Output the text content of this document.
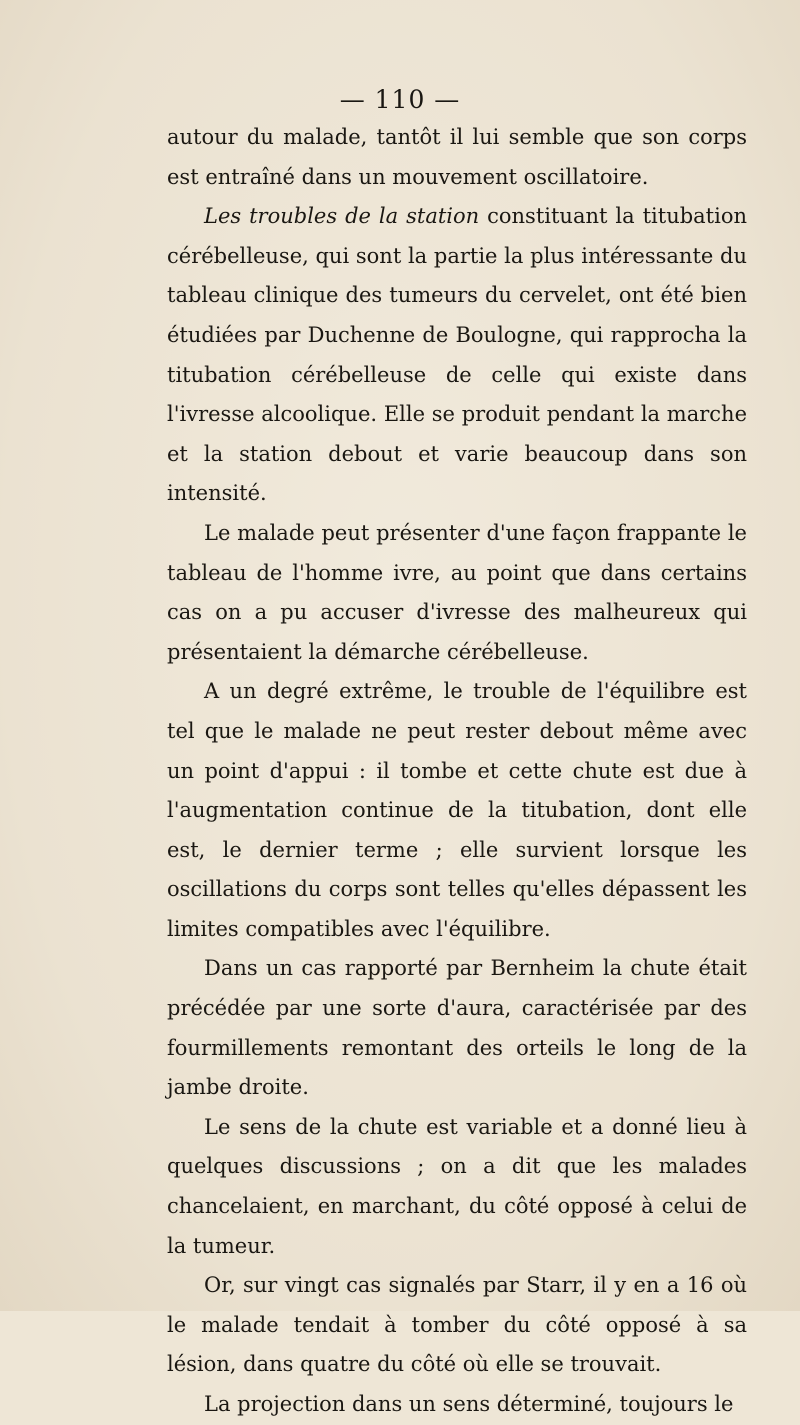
— 110 —

autour du malade, tantôt il lui semble que son corps est entraîné dans un mouvement oscillatoire.

Les troubles de la station constituant la titubation cérébelleuse, qui sont la partie la plus intéressante du tableau clinique des tumeurs du cervelet, ont été bien étudiées par Duchenne de Boulogne, qui rapprocha la titubation cérébelleuse de celle qui existe dans l'ivresse alcoolique. Elle se produit pendant la marche et la station debout et varie beaucoup dans son intensité.

Le malade peut présenter d'une façon frappante le tableau de l'homme ivre, au point que dans certains cas on a pu accuser d'ivresse des malheureux qui présentaient la démarche cérébelleuse.

A un degré extrême, le trouble de l'équilibre est tel que le malade ne peut rester debout même avec un point d'appui : il tombe et cette chute est due à l'augmentation continue de la titubation, dont elle est, le dernier terme ; elle survient lorsque les oscillations du corps sont telles qu'elles dépassent les limites compatibles avec l'équilibre.

Dans un cas rapporté par Bernheim la chute était précédée par une sorte d'aura, caractérisée par des fourmillements remontant des orteils le long de la jambe droite.

Le sens de la chute est variable et a donné lieu à quelques discussions ; on a dit que les malades chancelaient, en marchant, du côté opposé à celui de la tumeur.

Or, sur vingt cas signalés par Starr, il y en a 16 où le malade tendait à tomber du côté opposé à sa lésion, dans quatre du côté où elle se trouvait.

La projection dans un sens déterminé, toujours le
